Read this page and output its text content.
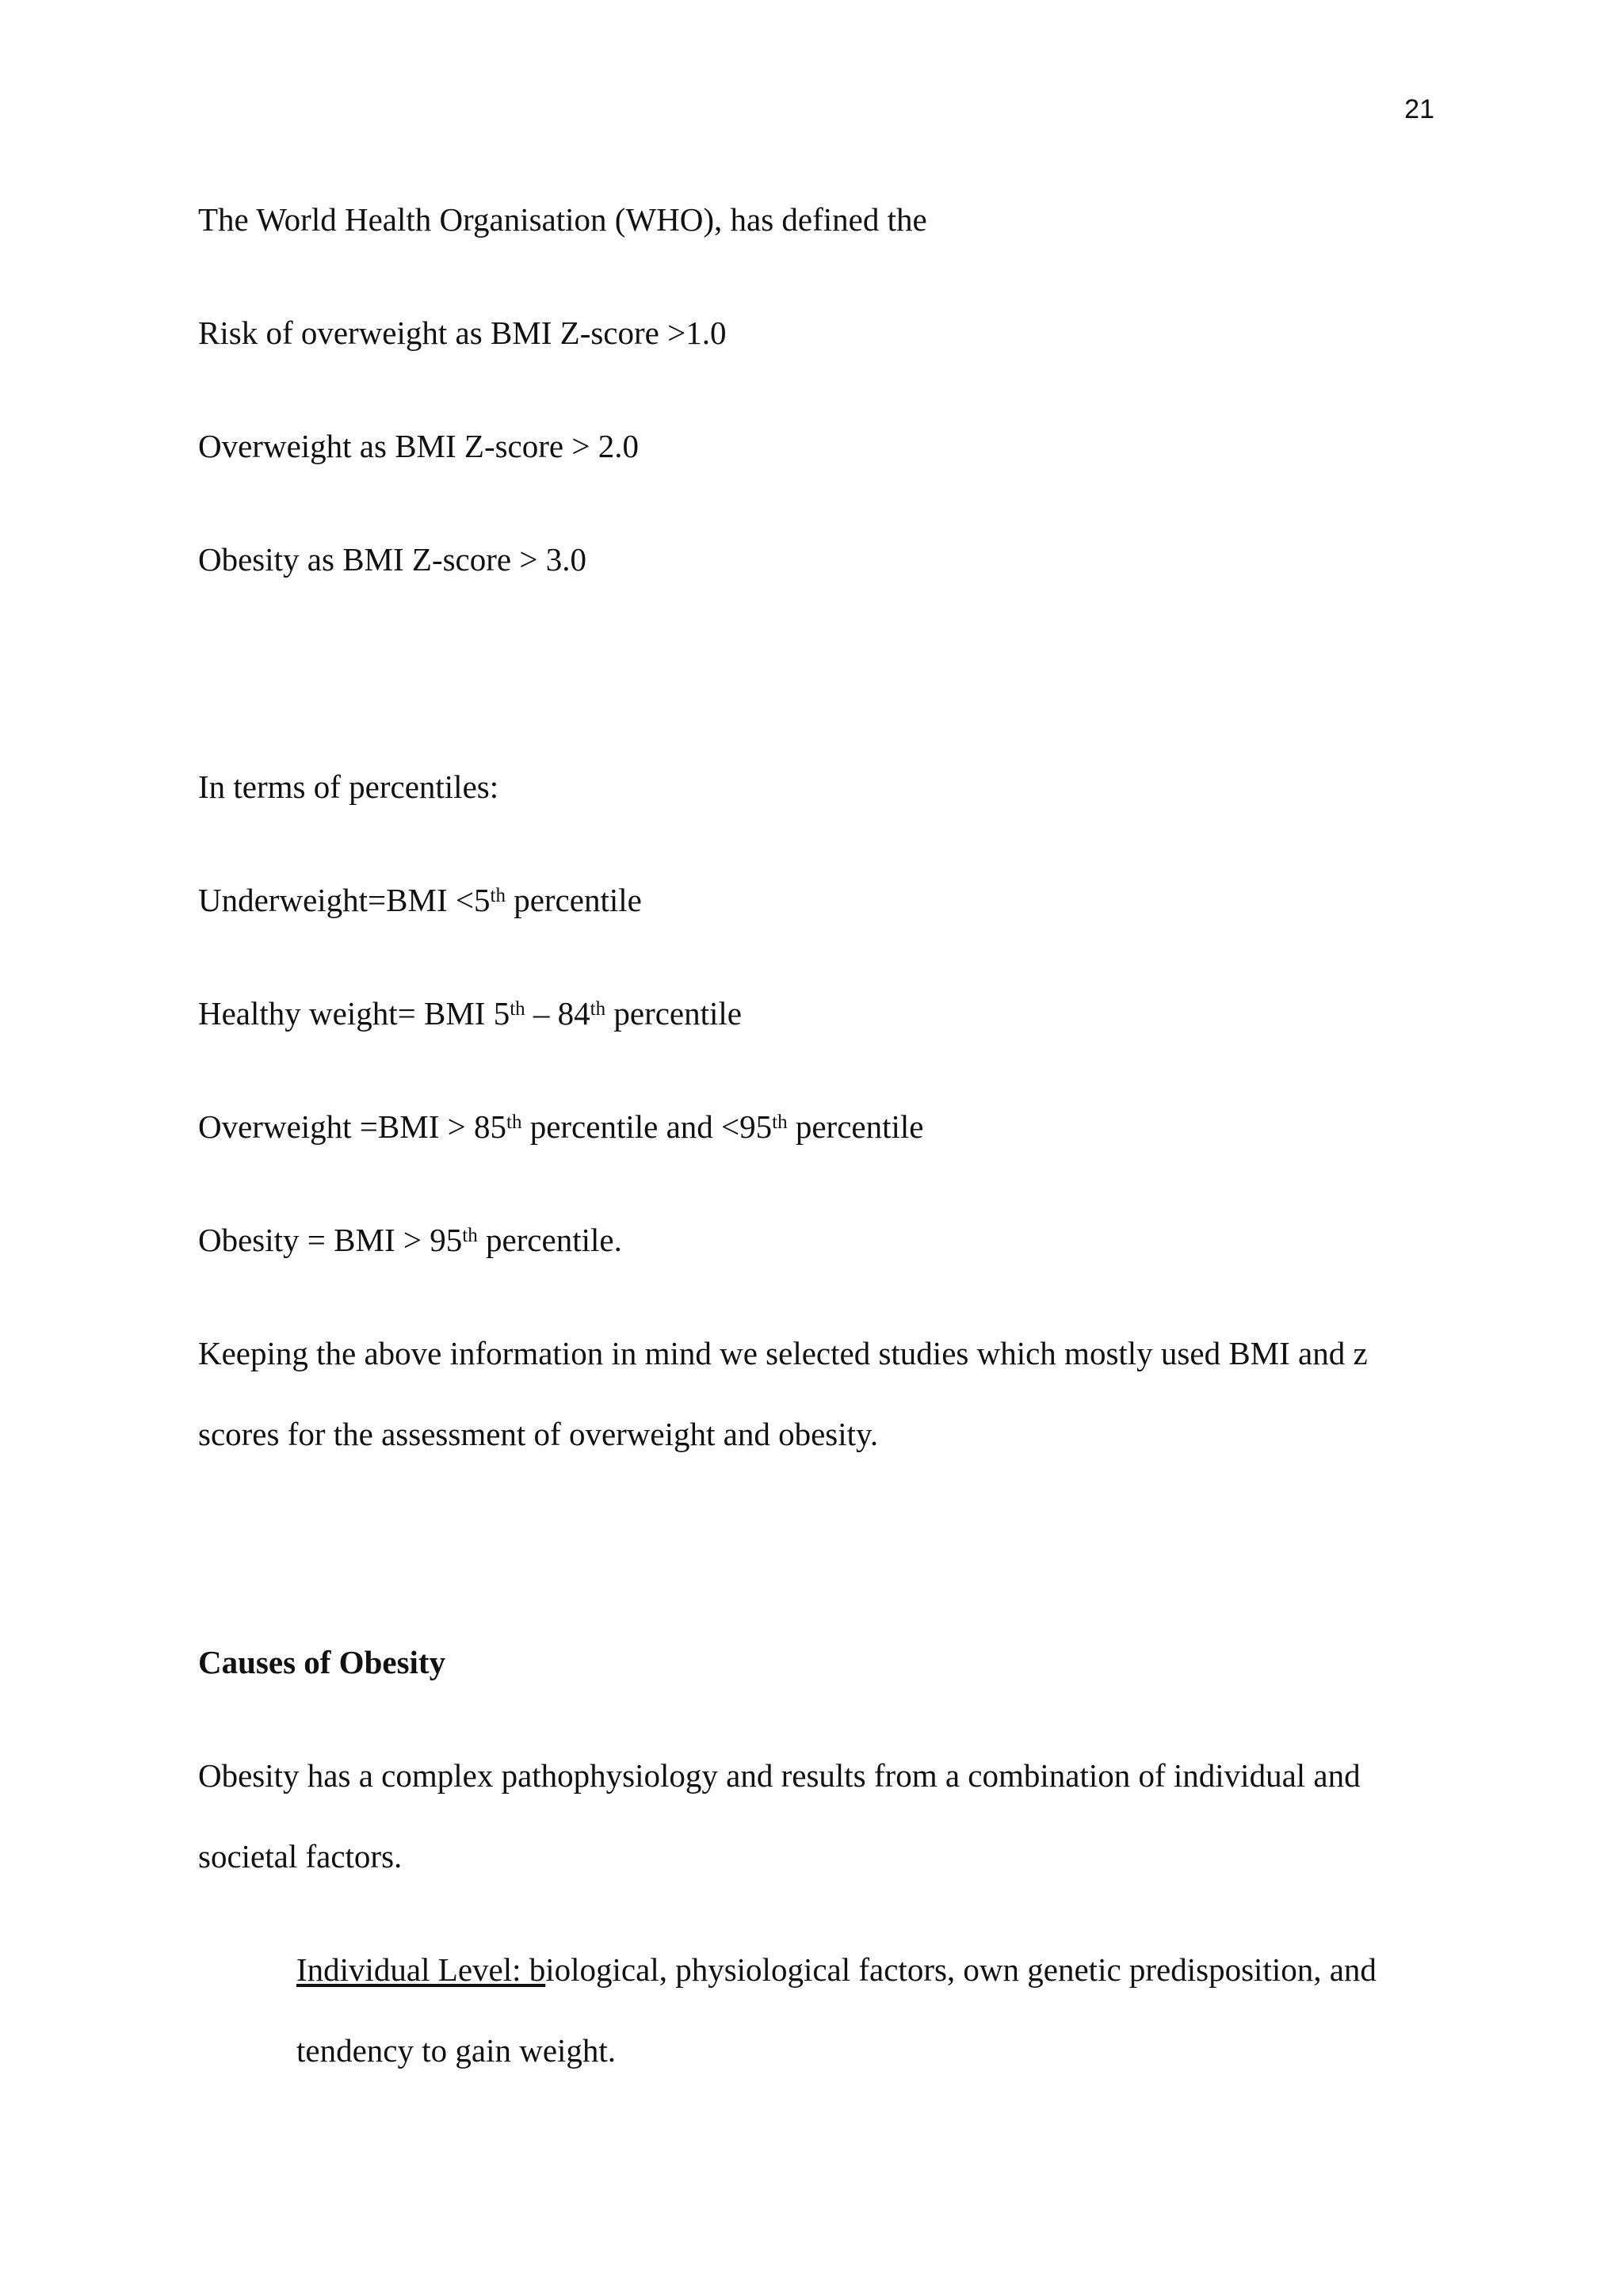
21
The World Health Organisation (WHO), has defined the
Risk of overweight as BMI Z-score >1.0
Overweight as BMI Z-score > 2.0
Obesity as BMI Z-score > 3.0
In terms of percentiles:
Underweight=BMI <5th percentile
Healthy weight= BMI 5th – 84th percentile
Overweight =BMI > 85th percentile and <95th percentile
Obesity = BMI > 95th percentile.
Keeping the above information in mind we selected studies which mostly used BMI and z
scores for the assessment of overweight and obesity.
Causes of Obesity
Obesity has a complex pathophysiology and results from a combination of individual and
societal factors.
Individual Level: biological, physiological factors, own genetic predisposition, and
tendency to gain weight.
